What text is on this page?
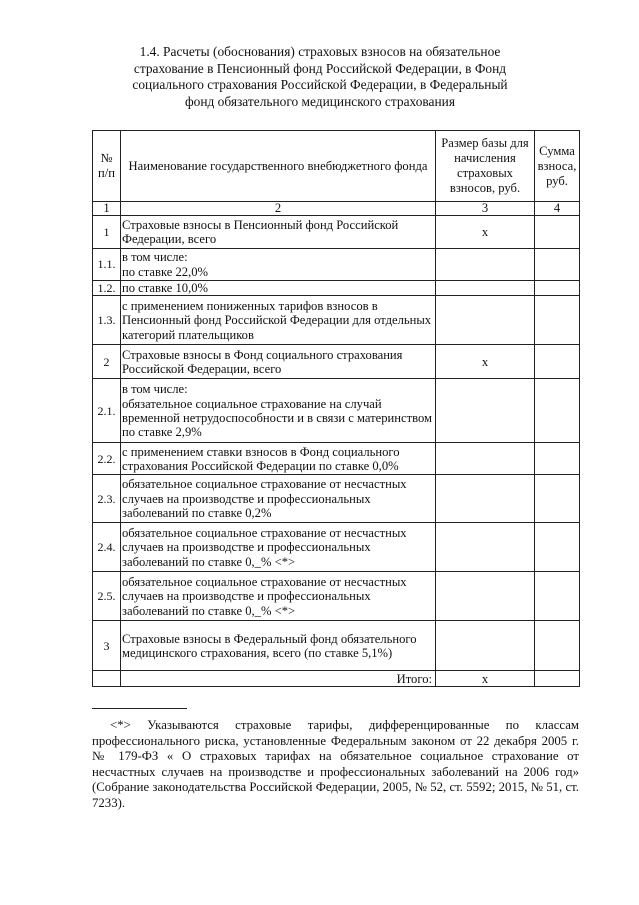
1.4. Расчеты (обоснования) страховых взносов на обязательное страхование в Пенсионный фонд Российской Федерации, в Фонд социального страхования Российской Федерации, в Федеральный фонд обязательного медицинского страхования
№ п/п	Наименование государственного внебюджетного фонда	Размер базы для начисления страховых взносов, руб.	Сумма взноса, руб.
1	2	3	4
1	Страховые взносы в Пенсионный фонд Российской Федерации, всего	х	
1.1.	в том числе:
по ставке 22,0%		
1.2.	по ставке 10,0%		
1.3.	с применением пониженных тарифов взносов в Пенсионный фонд Российской Федерации для отдельных категорий плательщиков		
2	Страховые взносы в Фонд социального страхования Российской Федерации, всего	х	
2.1.	в том числе:
обязательное социальное страхование на случай временной нетрудоспособности и в связи с материнством по ставке 2,9%		
2.2.	с применением ставки взносов в Фонд социального страхования Российской Федерации по ставке 0,0%		
2.3.	обязательное социальное страхование от несчастных случаев на производстве и профессиональных заболеваний по ставке 0,2%		
2.4.	обязательное социальное страхование от несчастных случаев на производстве и профессиональных заболеваний по ставке 0,_% <*>		
2.5.	обязательное социальное страхование от несчастных случаев на производстве и профессиональных заболеваний по ставке 0,_% <*>		
3	Страховые взносы в Федеральный фонд обязательного медицинского страхования, всего (по ставке 5,1%)		
	Итого:	х	
<*> Указываются страховые тарифы, дифференцированные по классам профессионального риска, установленные Федеральным законом от 22 декабря 2005 г. № 179-ФЗ « О страховых тарифах на обязательное социальное страхование от несчастных случаев на производстве и профессиональных заболеваний на 2006 год» (Собрание законодательства Российской Федерации, 2005, № 52, ст. 5592; 2015, № 51, ст. 7233).
